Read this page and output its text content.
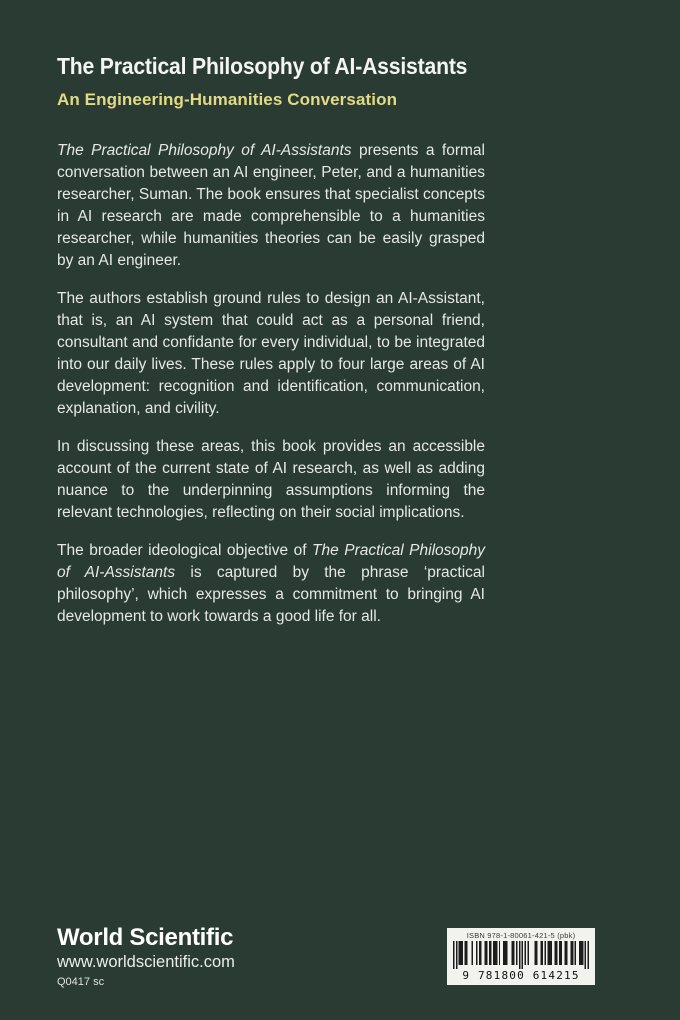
The Practical Philosophy of AI-Assistants
An Engineering-Humanities Conversation

The Practical Philosophy of AI-Assistants presents a formal conversation between an AI engineer, Peter, and a humanities researcher, Suman. The book ensures that specialist concepts in AI research are made comprehensible to a humanities researcher, while humanities theories can be easily grasped by an AI engineer.

The authors establish ground rules to design an AI-Assistant, that is, an AI system that could act as a personal friend, consultant and confidante for every individual, to be integrated into our daily lives. These rules apply to four large areas of AI development: recognition and identification, communication, explanation, and civility.

In discussing these areas, this book provides an accessible account of the current state of AI research, as well as adding nuance to the underpinning assumptions informing the relevant technologies, reflecting on their social implications.

The broader ideological objective of The Practical Philosophy of AI-Assistants is captured by the phrase ‘practical philosophy’, which expresses a commitment to bringing AI development to work towards a good life for all.

World Scientific
www.worldscientific.com
Q0417 sc
ISBN 978-1-80061-421-5 (pbk)
9 781800 614215
